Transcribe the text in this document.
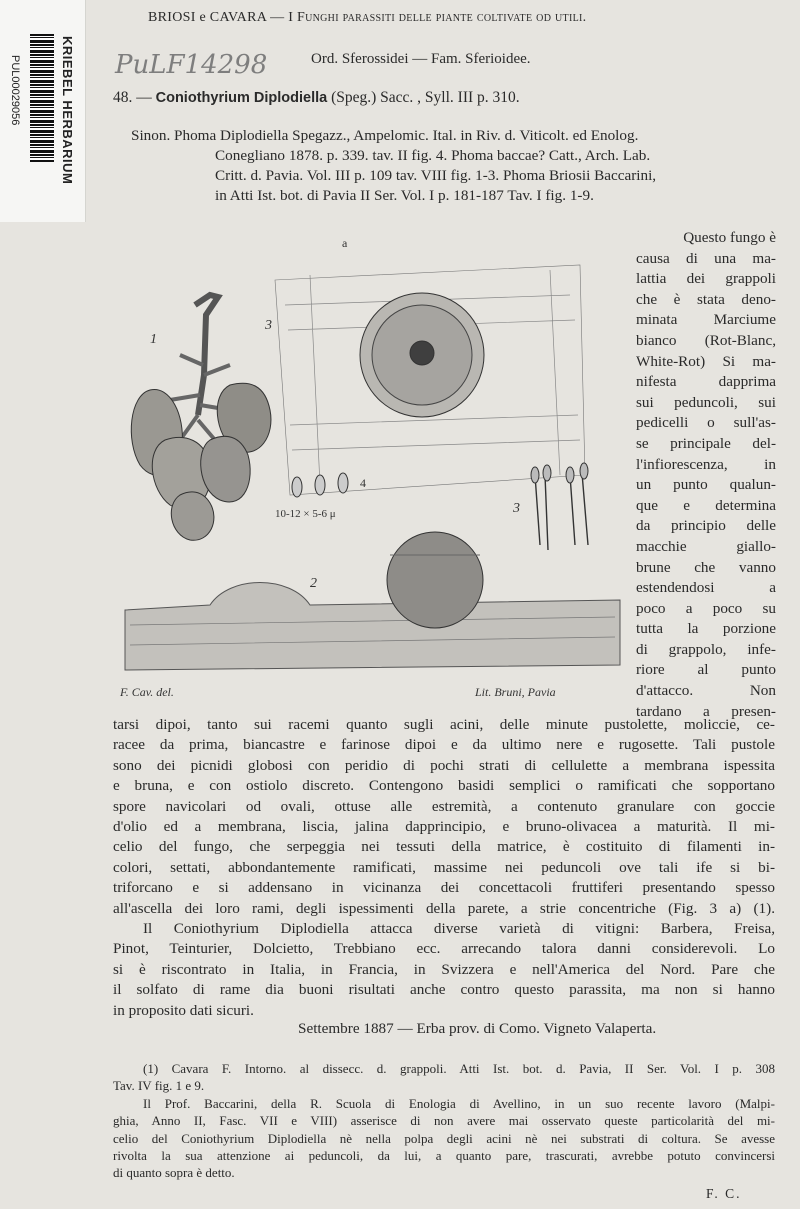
KRIEBEL HERBARIUM
PUL00029056	PuLF14298
BRIOSI e CAVARA — I Funghi parassiti delle piante coltivate od utili.
Ord. Sferossidei — Fam. Sferioidee.
48. — Coniothyrium Diplodiella (Speg.) Sacc. , Syll. III p. 310.
Sinon. Phoma Diplodiella Spegazz., Ampelomic. Ital. in Riv. d. Viticolt. ed Enolog.
Conegliano 1878. p. 339. tav. II fig. 4. Phoma baccae? Catt., Arch. Lab.
Critt. d. Pavia. Vol. III p. 109 tav. VIII fig. 1-3. Phoma Briosii Baccarini,
in Atti Ist. bot. di Pavia II Ser. Vol. I p. 181-187 Tav. I fig. 1-9.
a
1
3
4
10-12 × 5-6 μ	3
2
F. Cav. del.	Lit. Bruni, Pavia
Questo fungo è
causa di una ma-
lattia dei grappoli
che è stata deno-
minata Marciume
bianco (Rot-Blanc,
White-Rot) Si ma-
nifesta dapprima
sui peduncoli, sui
pedicelli o sull'as-
se principale del-
l'infiorescenza, in
un punto qualun-
que e determina
da principio delle
macchie giallo-
brune che vanno
estendendosi a
poco a poco su
tutta la porzione
di grappolo, infe-
riore al punto
d'attacco. Non
tardano a presen-
tarsi dipoi, tanto sui racemi quanto sugli acini, delle minute pustolette, moliccie, ce-
racee da prima, biancastre e farinose dipoi e da ultimo nere e rugosette. Tali pustole
sono dei picnidi globosi con peridio di pochi strati di cellulette a membrana ispessita
e bruna, e con ostiolo discreto. Contengono basidi semplici o ramificati che sopportano
spore navicolari od ovali, ottuse alle estremità, a contenuto granulare con goccie
d'olio ed a membrana, liscia, jalina dapprincipio, e bruno-olivacea a maturità. Il mi-
celio del fungo, che serpeggia nei tessuti della matrice, è costituito di filamenti in-
colori, settati, abbondantemente ramificati, massime nei peduncoli ove tali ife si bi-
triforcano e si addensano in vicinanza dei concettacoli fruttiferi presentando spesso
all'ascella dei loro rami, degli ispessimenti della parete, a strie concentriche (Fig. 3 a) (1).
Il Coniothyrium Diplodiella attacca diverse varietà di vitigni: Barbera, Freisa,
Pinot, Teinturier, Dolcietto, Trebbiano ecc. arrecando talora danni considerevoli. Lo
si è riscontrato in Italia, in Francia, in Svizzera e nell'America del Nord. Pare che
il solfato di rame dia buoni risultati anche contro questo parassita, ma non si hanno
in proposito dati sicuri.
Settembre 1887 — Erba prov. di Como. Vigneto Valaperta.
(1) Cavara F. Intorno. al dissecc. d. grappoli. Atti Ist. bot. d. Pavia, II Ser. Vol. I p. 308
Tav. IV fig. 1 e 9.
Il Prof. Baccarini, della R. Scuola di Enologia di Avellino, in un suo recente lavoro (Malpi-
ghia, Anno II, Fasc. VII e VIII) asserisce di non avere mai osservato queste particolarità del mi-
celio del Coniothyrium Diplodiella nè nella polpa degli acini nè nei substrati di coltura. Se avesse
rivolta la sua attenzione ai peduncoli, da lui, a quanto pare, trascurati, avrebbe potuto convincersi
di quanto sopra è detto.
F. C.
